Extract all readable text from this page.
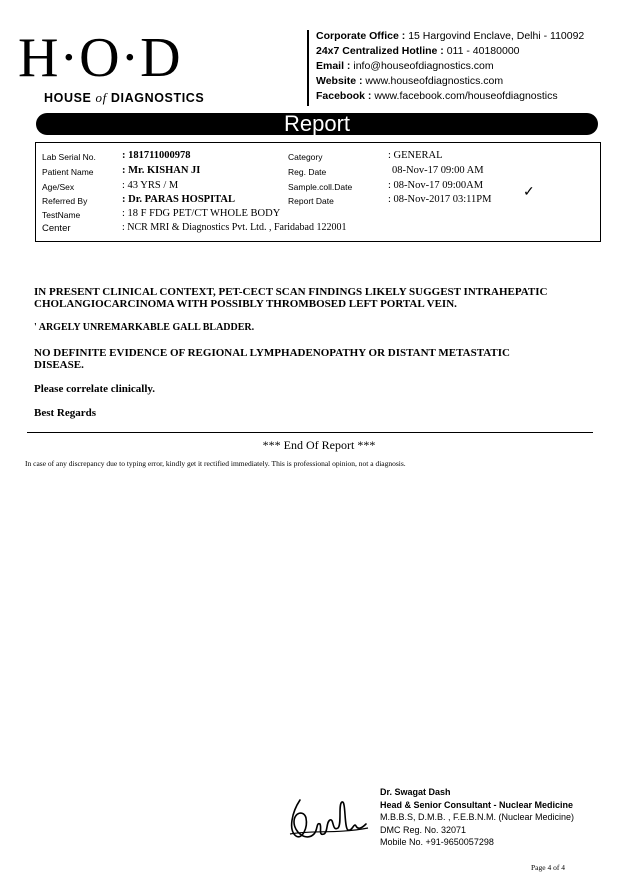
H·O·D
HOUSE of DIAGNOSTICS
Corporate Office : 15 Hargovind Enclave, Delhi - 110092
24x7 Centralized Hotline : 011 - 40180000
Email : info@houseofdiagnostics.com
Website : www.houseofdiagnostics.com
Facebook : www.facebook.com/houseofdiagnostics
Report
Lab Serial No. : 181711000978
Patient Name	: Mr. KISHAN JI
Age/Sex	: 43 YRS / M
Referred By	: Dr. PARAS HOSPITAL
TestName	: 18 F FDG PET/CT WHOLE BODY
Center	: NCR MRI & Diagnostics Pvt. Ltd. , Faridabad 122001
Category	: GENERAL
Reg. Date	08-Nov-17 09:00 AM
Sample.coll.Date	: 08-Nov-17 09:00AM
Report Date	: 08-Nov-2017 03:11PM ✓
IN PRESENT CLINICAL CONTEXT, PET-CECT SCAN FINDINGS LIKELY SUGGEST INTRAHEPATIC
CHOLANGIOCARCINOMA WITH POSSIBLY THROMBOSED LEFT PORTAL VEIN.
' ARGELY UNREMARKABLE GALL BLADDER.
NO DEFINITE EVIDENCE OF REGIONAL LYMPHADENOPATHY OR DISTANT METASTATIC
DISEASE.
Please correlate clinically.
Best Regards
*** End Of Report ***
In case of any discrepancy due to typing error, kindly get it rectified immediately. This is professional opinion, not a diagnosis.
Dr. Swagat Dash
Head & Senior Consultant - Nuclear Medicine
M.B.B.S, D.M.B. , F.E.B.N.M. (Nuclear Medicine)
DMC Reg. No. 32071
Mobile No. +91-9650057298
Page 4 of 4
